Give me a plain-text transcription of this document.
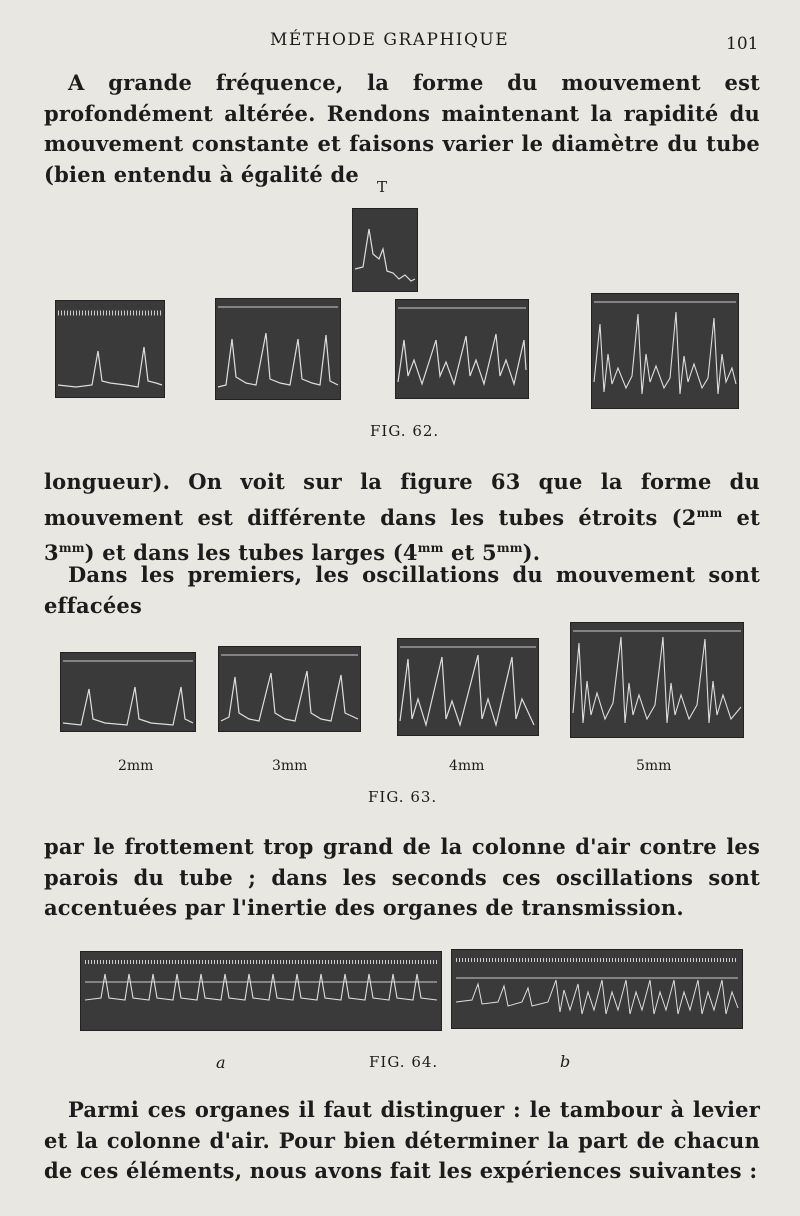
MÉTHODE GRAPHIQUE	101

A grande fréquence, la forme du mouvement est profondément altérée. Rendons maintenant la rapidité du mouvement constante et faisons varier le diamètre du tube (bien entendu à égalité de

T
FIG. 62.

longueur). On voit sur la figure 63 que la forme du mouvement est différente dans les tubes étroits ($2^{mm}$ et $3^{mm}$) et dans les tubes larges ($4^{mm}$ et $5^{mm}$).

Dans les premiers, les oscillations du mouvement sont effacées

2mm	3mm	4mm	5mm
FIG. 63.

par le frottement trop grand de la colonne d'air contre les parois du tube ; dans les seconds ces oscillations sont accentuées par l'inertie des organes de transmission.

a	FIG. 64.	b

Parmi ces organes il faut distinguer : le tambour à levier et la colonne d'air. Pour bien déterminer la part de chacun de ces éléments, nous avons fait les expériences suivantes :
